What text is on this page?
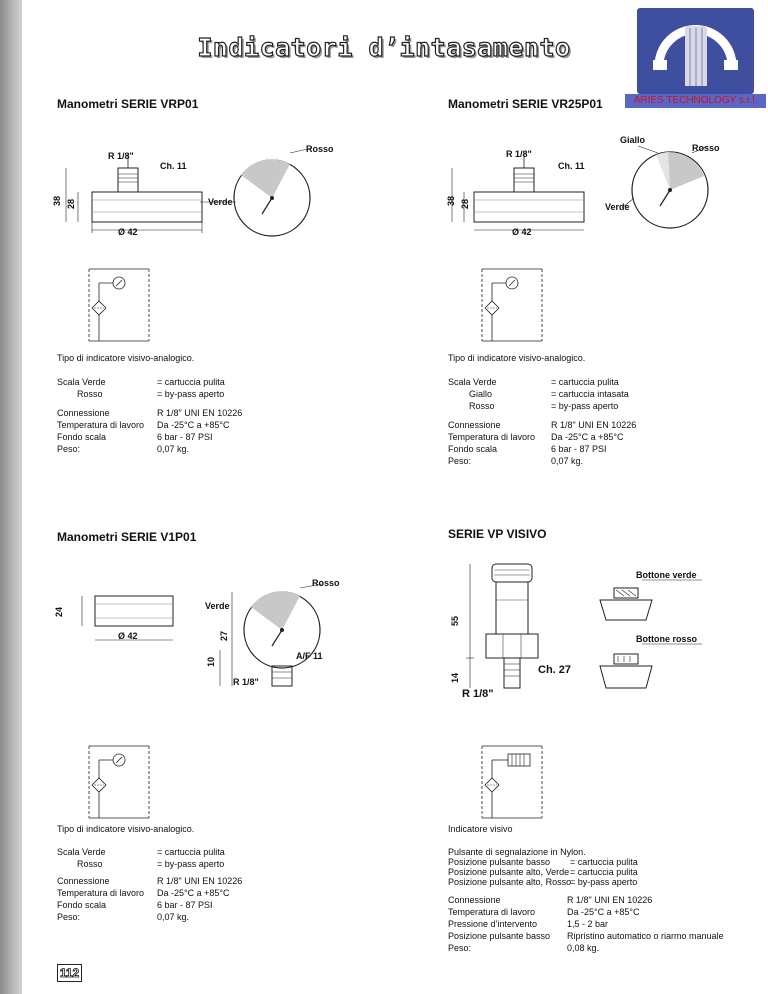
Indicatori d’intasamento
ARIES TECHNOLOGY s.r.l.
Manometri SERIE VRP01
R 1/8"
Ch. 11
38 28
Ø 42
Rosso
Verde
Tipo di indicatore visivo-analogico.
Scala Verde	= cartuccia pulita
Rosso	= by-pass aperto
Connessione	R 1/8" UNI EN 10226
Temperatura di lavoro Da -25°C a +85°C
Fondo scala	6 bar - 87 PSI
Peso:	0,07 kg.
Manometri SERIE VR25P01
Giallo
Rosso
R 1/8"
Ch. 11
38 28
Ø 42
Verde
Tipo di indicatore visivo-analogico.
Scala Verde	= cartuccia pulita
Giallo	= cartuccia intasata
Rosso	= by-pass aperto
Connessione	R 1/8" UNI EN 10226
Temperatura di lavoro Da -25°C a +85°C
Fondo scala	6 bar - 87 PSI
Peso:	0,07 kg.
Manometri SERIE V1P01
Rosso
Verde
24
27
10
Ø 42
A/F 11
R 1/8"
Tipo di indicatore visivo-analogico.
Scala Verde	= cartuccia pulita
Rosso	= by-pass aperto
Connessione	R 1/8" UNI EN 10226
Temperatura di lavoro Da -25°C a +85°C
Fondo scala	6 bar - 87 PSI
Peso:	0,07 kg.
SERIE VP VISIVO
Bottone verde
Bottone rosso
55
14
Ch. 27
R 1/8"
Indicatore visivo
Pulsante di segnalazione in Nylon.
Posizione pulsante basso = cartuccia pulita
Posizione pulsante alto, Verde = cartuccia pulita
Posizione pulsante alto, Rosso
= by-pass aperto
Connessione	R 1/8" UNI EN 10226
Temperatura di lavoro	Da -25°C a +85°C
Pressione d’intervento	1,5 - 2 bar
Posizione pulsante basso Ripristino automatico o riarmo manuale
Peso:	0,08 kg.
112
